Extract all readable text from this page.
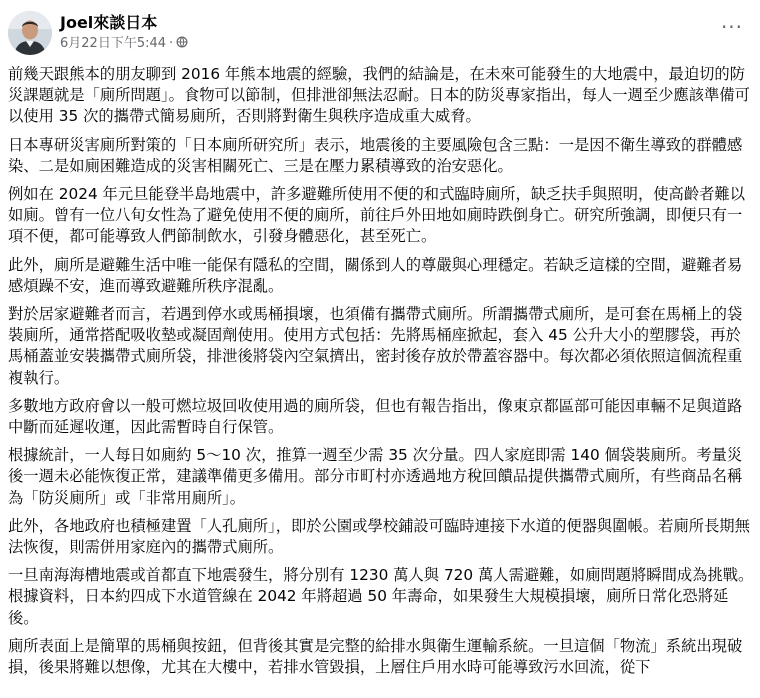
Joel來談日本
6月22日下午5:44 ·
···

前幾天跟熊本的朋友聊到 2016 年熊本地震的經驗，我們的結論是，在未來可能發生的大地震中，最迫切的防災課題就是「廁所問題」。食物可以節制，但排泄卻無法忍耐。日本的防災專家指出，每人一週至少應該準備可以使用 35 次的攜帶式簡易廁所，否則將對衛生與秩序造成重大威脅。

日本專研災害廁所對策的「日本廁所研究所」表示，地震後的主要風險包含三點：一是因不衛生導致的群體感染、二是如廁困難造成的災害相關死亡、三是在壓力累積導致的治安惡化。

例如在 2024 年元旦能登半島地震中，許多避難所使用不便的和式臨時廁所，缺乏扶手與照明，使高齡者難以如廁。曾有一位八旬女性為了避免使用不便的廁所，前往戶外田地如廁時跌倒身亡。研究所強調，即便只有一項不便，都可能導致人們節制飲水，引發身體惡化，甚至死亡。

此外，廁所是避難生活中唯一能保有隱私的空間，關係到人的尊嚴與心理穩定。若缺乏這樣的空間，避難者易感煩躁不安，進而導致避難所秩序混亂。

對於居家避難者而言，若遇到停水或馬桶損壞，也須備有攜帶式廁所。所謂攜帶式廁所，是可套在馬桶上的袋裝廁所，通常搭配吸收墊或凝固劑使用。使用方式包括：先將馬桶座掀起，套入 45 公升大小的塑膠袋，再於馬桶蓋並安裝攜帶式廁所袋，排泄後將袋內空氣擠出，密封後存放於帶蓋容器中。每次都必須依照這個流程重複執行。

多數地方政府會以一般可燃垃圾回收使用過的廁所袋，但也有報告指出，像東京都區部可能因車輛不足與道路中斷而延遲收運，因此需暫時自行保管。

根據統計，一人每日如廁約 5～10 次，推算一週至少需 35 次分量。四人家庭即需 140 個袋裝廁所。考量災後一週未必能恢復正常，建議準備更多備用。部分市町村亦透過地方稅回饋品提供攜帶式廁所，有些商品名稱為「防災廁所」或「非常用廁所」。

此外，各地政府也積極建置「人孔廁所」，即於公園或學校鋪設可臨時連接下水道的便器與圍帳。若廁所長期無法恢復，則需併用家庭內的攜帶式廁所。

一旦南海海槽地震或首都直下地震發生，將分別有 1230 萬人與 720 萬人需避難，如廁問題將瞬間成為挑戰。根據資料，日本約四成下水道管線在 2042 年將超過 50 年壽命，如果發生大規模損壞，廁所日常化恐將延後。

廁所表面上是簡單的馬桶與按鈕，但背後其實是完整的給排水與衛生運輸系統。一旦這個「物流」系統出現破損，後果將難以想像，尤其在大樓中，若排水管毀損，上層住戶用水時可能導致污水回流，從下
